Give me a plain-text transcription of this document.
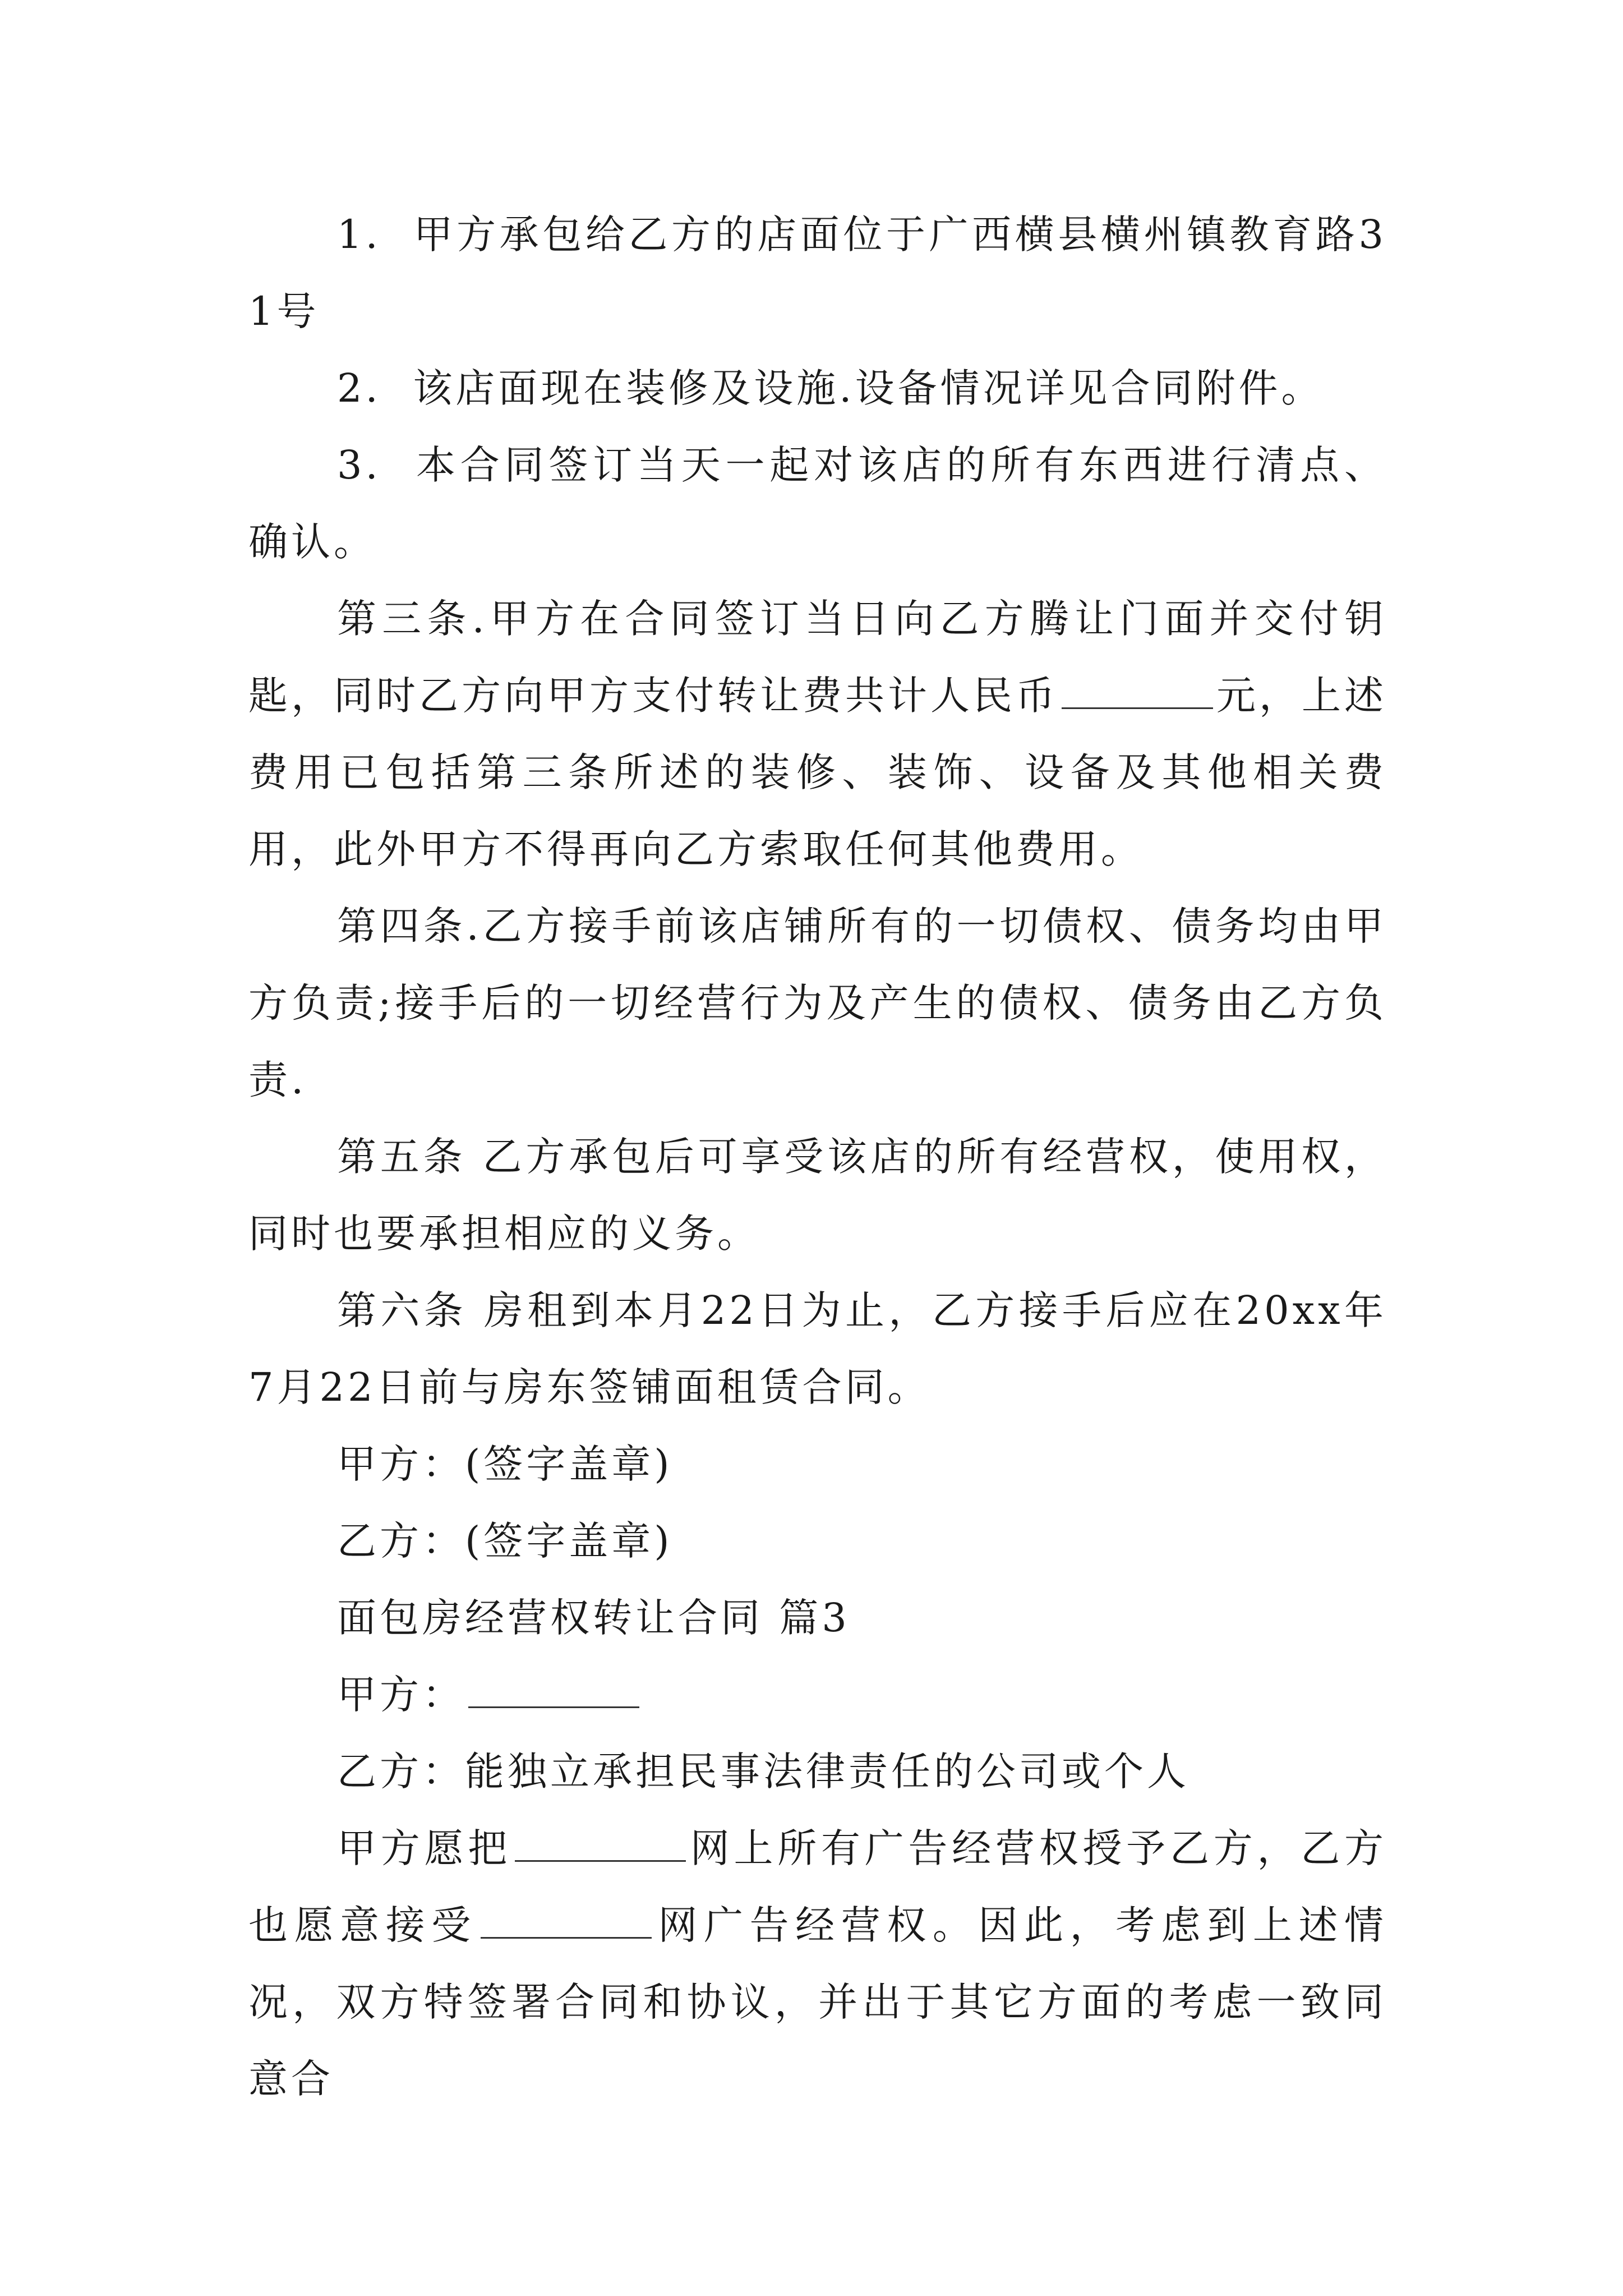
1. 甲方承包给乙方的店面位于广西横县横州镇教育路31号

2. 该店面现在装修及设施.设备情况详见合同附件。

3. 本合同签订当天一起对该店的所有东西进行清点、确认。

第三条.甲方在合同签订当日向乙方腾让门面并交付钥匙，同时乙方向甲方支付转让费共计人民币	元，上述费用已包括第三条所述的装修、装饰、设备及其他相关费用，此外甲方不得再向乙方索取任何其他费用。

第四条.乙方接手前该店铺所有的一切债权、债务均由甲方负责;接手后的一切经营行为及产生的债权、债务由乙方负责.

第五条 乙方承包后可享受该店的所有经营权，使用权，同时也要承担相应的义务。

第六条 房租到本月22日为止，乙方接手后应在20xx年7月22日前与房东签铺面租赁合同。

甲方：(签字盖章)

乙方：(签字盖章)

面包房经营权转让合同 篇3

甲方：

乙方：能独立承担民事法律责任的公司或个人

甲方愿把	网上所有广告经营权授予乙方，乙方也愿意接受	网广告经营权。因此，考虑到上述情况，双方特签署合同和协议，并出于其它方面的考虑一致同意合
